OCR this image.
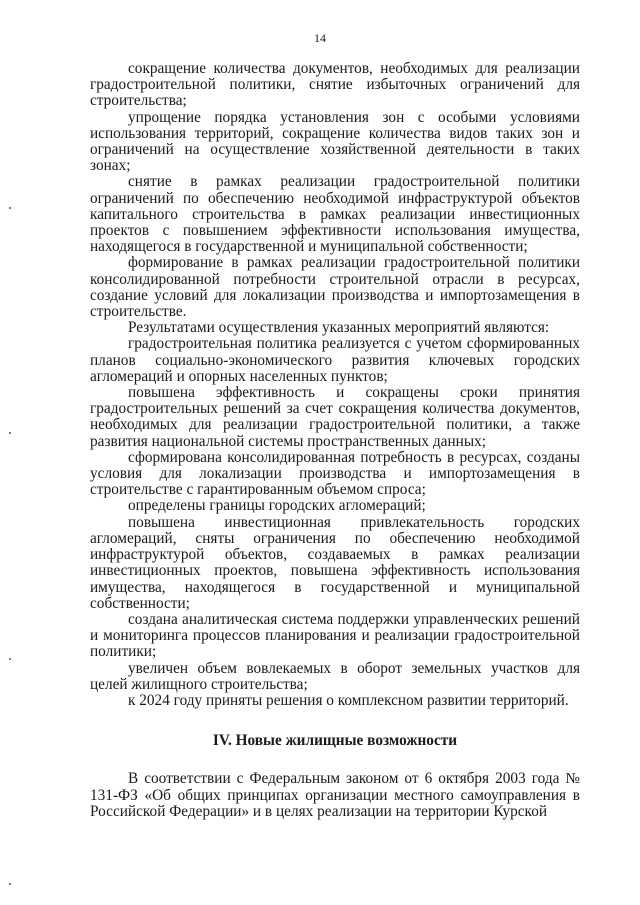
14

сокращение количества документов, необходимых для реализации градостроительной политики, снятие избыточных ограничений для строительства;

упрощение порядка установления зон с особыми условиями использования территорий, сокращение количества видов таких зон и ограничений на осуществление хозяйственной деятельности в таких зонах;

снятие в рамках реализации градостроительной политики ограничений по обеспечению необходимой инфраструктурой объектов капитального строительства в рамках реализации инвестиционных проектов с повышением эффективности использования имущества, находящегося в государственной и муниципальной собственности;

формирование в рамках реализации градостроительной политики консолидированной потребности строительной отрасли в ресурсах, создание условий для локализации производства и импортозамещения в строительстве.

Результатами осуществления указанных мероприятий являются:

градостроительная политика реализуется с учетом сформированных планов социально-экономического развития ключевых городских агломераций и опорных населенных пунктов;

повышена эффективность и сокращены сроки принятия градостроительных решений за счет сокращения количества документов, необходимых для реализации градостроительной политики, а также развития национальной системы пространственных данных;

сформирована консолидированная потребность в ресурсах, созданы условия для локализации производства и импортозамещения в строительстве с гарантированным объемом спроса;

определены границы городских агломераций;

повышена инвестиционная привлекательность городских агломераций, сняты ограничения по обеспечению необходимой инфраструктурой объектов, создаваемых в рамках реализации инвестиционных проектов, повышена эффективность использования имущества, находящегося в государственной и муниципальной собственности;

создана аналитическая система поддержки управленческих решений и мониторинга процессов планирования и реализации градостроительной политики;

увеличен объем вовлекаемых в оборот земельных участков для целей жилищного строительства;

к 2024 году приняты решения о комплексном развитии территорий.

IV. Новые жилищные возможности

В соответствии с Федеральным законом от 6 октября 2003 года № 131-ФЗ «Об общих принципах организации местного самоуправления в Российской Федерации» и в целях реализации на территории Курской
